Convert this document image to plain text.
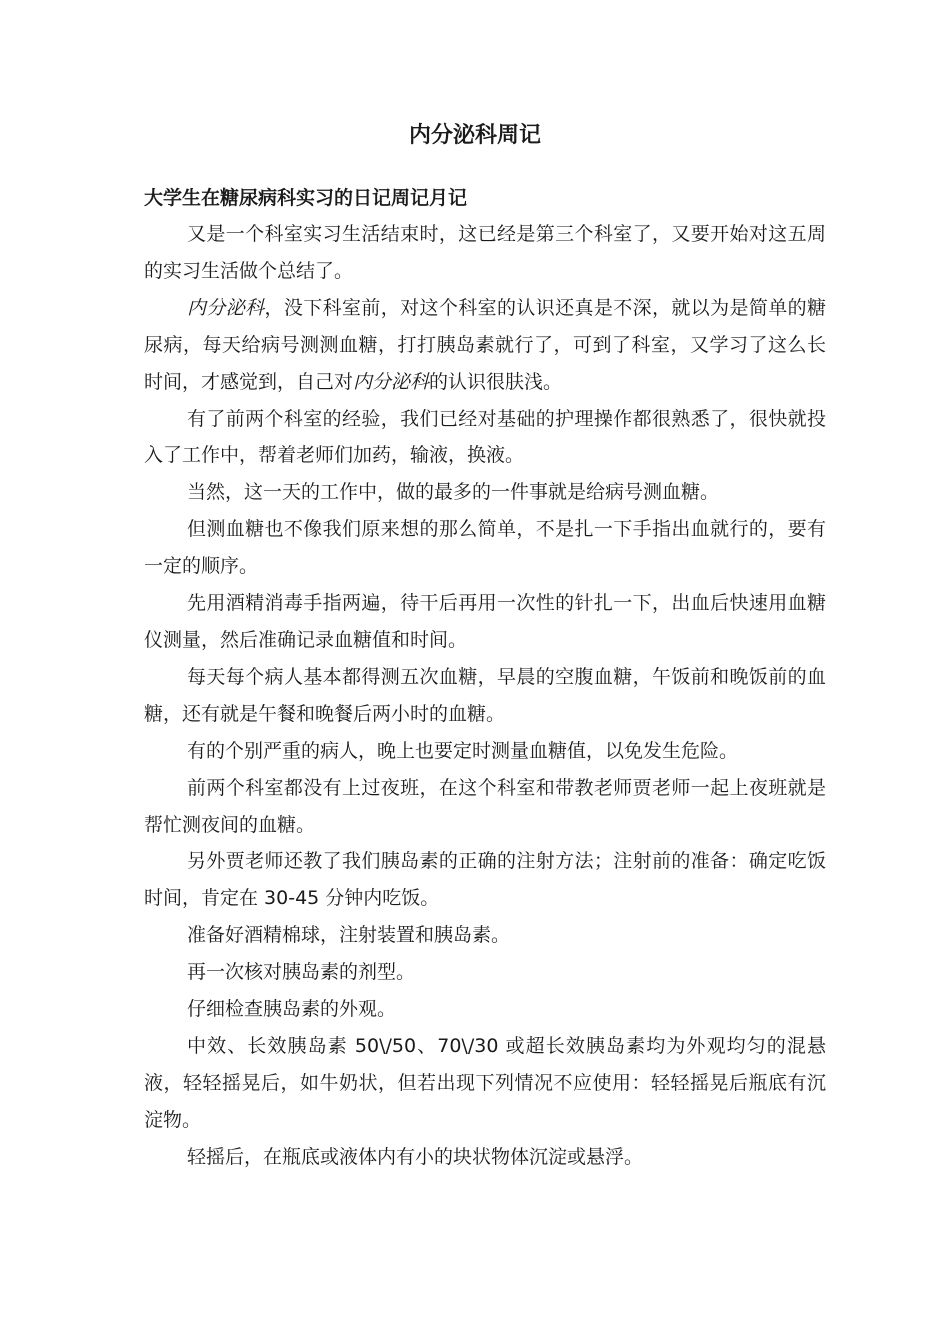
内分泌科周记
大学生在糖尿病科实习的日记周记月记

又是一个科室实习生活结束时，这已经是第三个科室了，又要开始对这五周的实习生活做个总结了。

内分泌科，没下科室前，对这个科室的认识还真是不深，就以为是简单的糖尿病，每天给病号测测血糖，打打胰岛素就行了，可到了科室，又学习了这么长时间，才感觉到，自己对内分泌科的认识很肤浅。

有了前两个科室的经验，我们已经对基础的护理操作都很熟悉了，很快就投入了工作中，帮着老师们加药，输液，换液。

当然，这一天的工作中，做的最多的一件事就是给病号测血糖。

但测血糖也不像我们原来想的那么简单，不是扎一下手指出血就行的，要有一定的顺序。

先用酒精消毒手指两遍，待干后再用一次性的针扎一下，出血后快速用血糖仪测量，然后准确记录血糖值和时间。

每天每个病人基本都得测五次血糖，早晨的空腹血糖，午饭前和晚饭前的血糖，还有就是午餐和晚餐后两小时的血糖。

有的个别严重的病人，晚上也要定时测量血糖值，以免发生危险。

前两个科室都没有上过夜班，在这个科室和带教老师贾老师一起上夜班就是帮忙测夜间的血糖。

另外贾老师还教了我们胰岛素的正确的注射方法；注射前的准备：确定吃饭时间，肯定在 30-45 分钟内吃饭。

准备好酒精棉球，注射装置和胰岛素。

再一次核对胰岛素的剂型。

仔细检查胰岛素的外观。

中效、长效胰岛素 50\/50、70\/30 或超长效胰岛素均为外观均匀的混悬液，轻轻摇晃后，如牛奶状，但若出现下列情况不应使用：轻轻摇晃后瓶底有沉淀物。

轻摇后，在瓶底或液体内有小的块状物体沉淀或悬浮。
